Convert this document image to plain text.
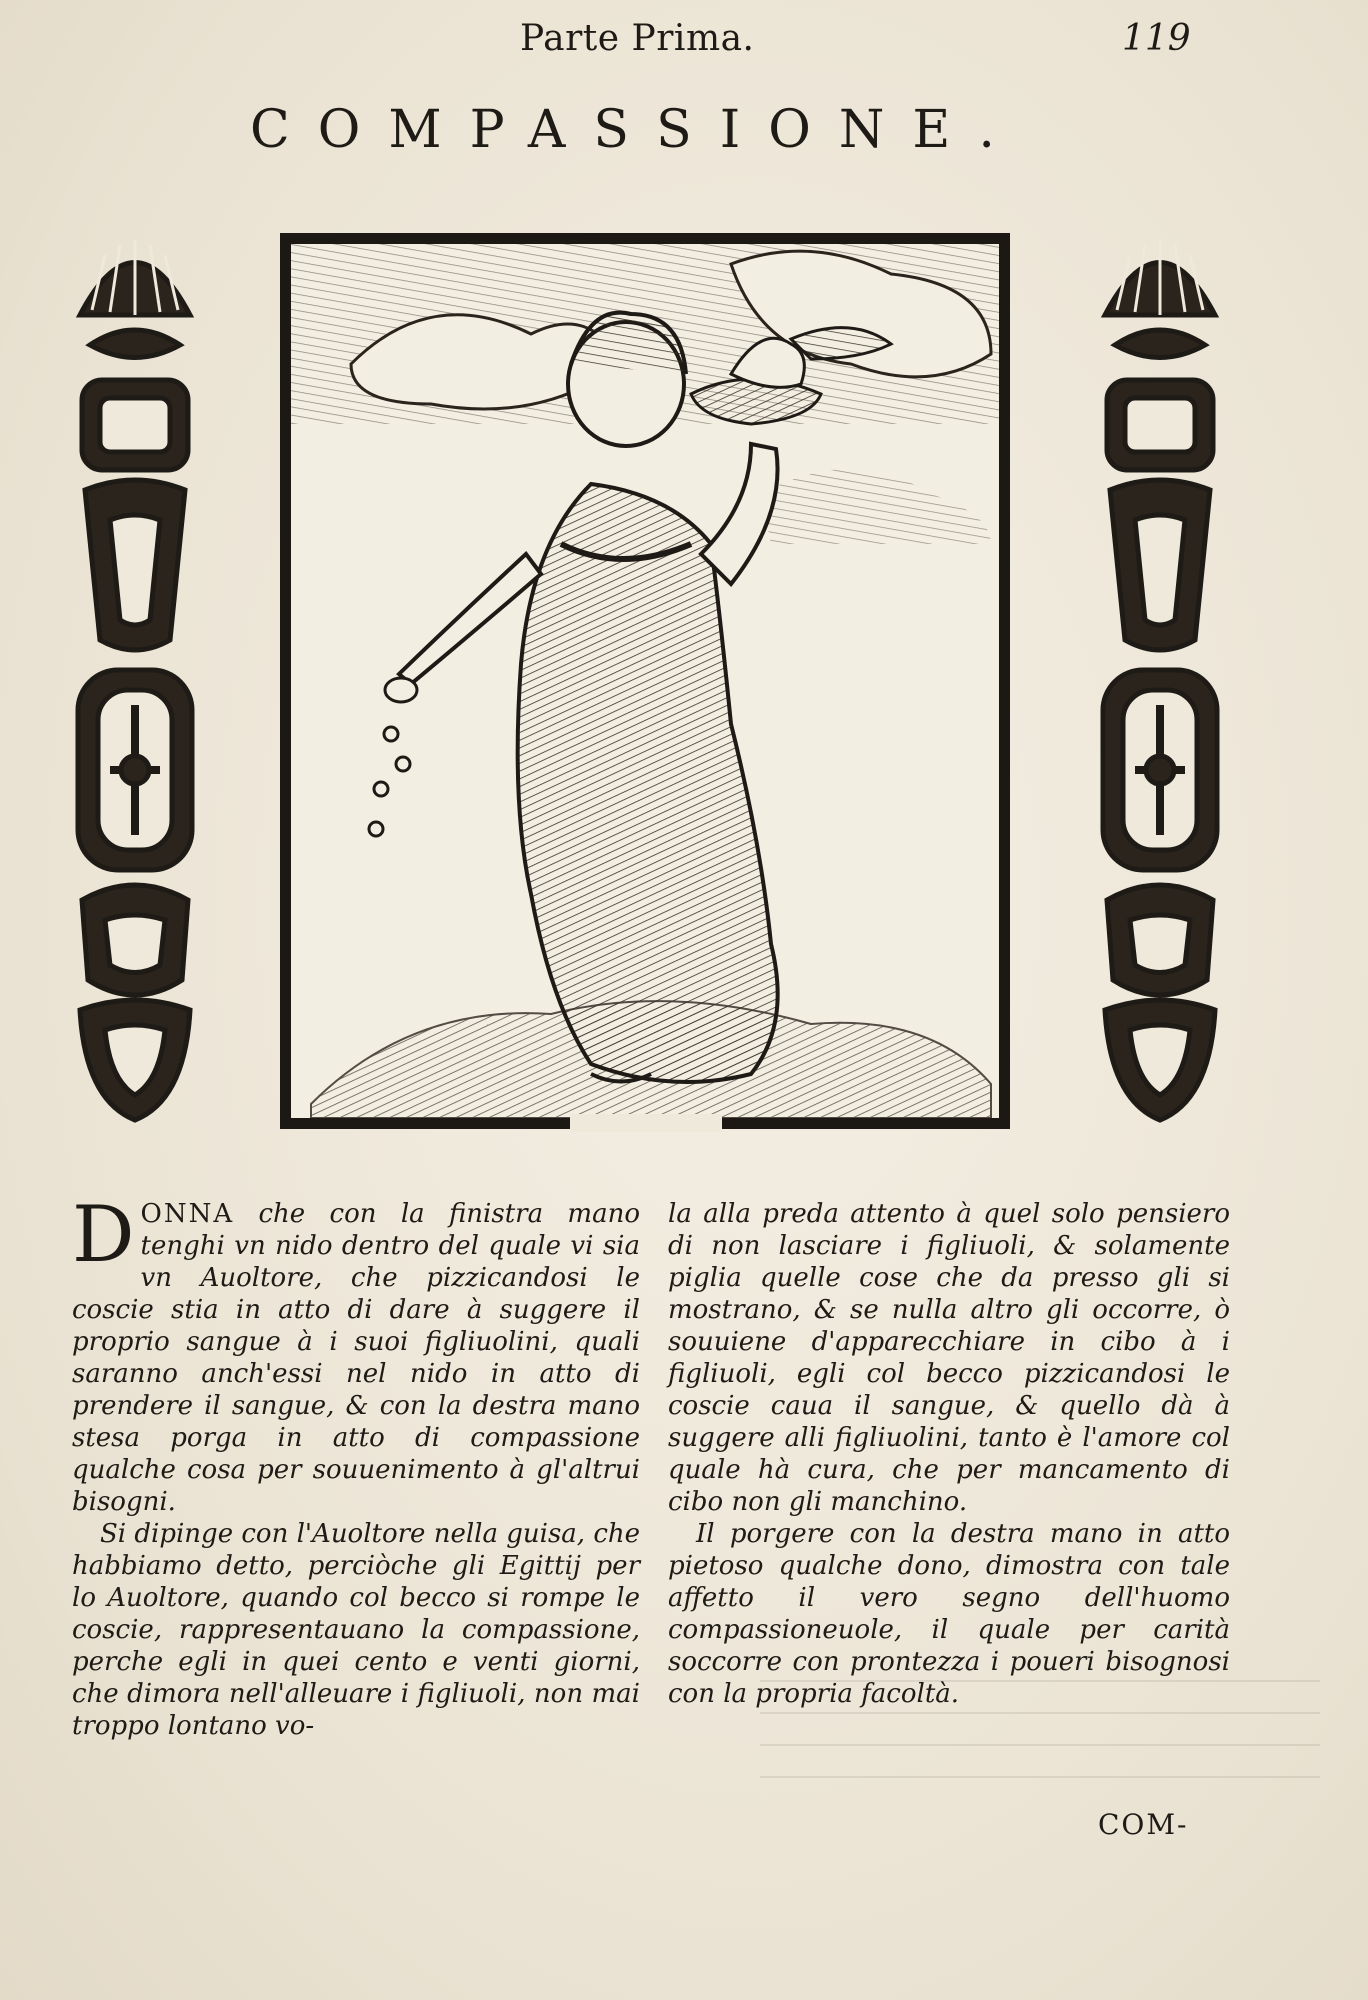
Parte Prima.	119
COMPASSIONE.

DONNA che con la finistra mano tenghi vn nido dentro del quale vi sia vn Auoltore, che pizzicandosi le coscie stia in atto di dare à suggere il proprio sangue à i suoi figliuolini, quali saranno anch'essi nel nido in atto di prendere il sangue, & con la destra mano stesa porga in atto di compassione qualche cosa per souuenimento à gl'altrui bisogni.

Si dipinge con l'Auoltore nella guisa, che habbiamo detto, perciòche gli Egittij per lo Auoltore, quando col becco si rompe le coscie, rappresentauano la compassione, perche egli in quei cento e venti giorni, che dimora nell'alleuare i figliuoli, non mai troppo lontano vo-

la alla preda attento à quel solo pensiero di non lasciare i figliuoli, & solamente piglia quelle cose che da presso gli si mostrano, & se nulla altro gli occorre, ò souuiene d'apparecchiare in cibo à i figliuoli, egli col becco pizzicandosi le coscie caua il sangue, & quello dà à suggere alli figliuolini, tanto è l'amore col quale hà cura, che per mancamento di cibo non gli manchino.

Il porgere con la destra mano in atto pietoso qualche dono, dimostra con tale affetto il vero segno dell'huomo compassioneuole, il quale per carità soccorre con prontezza i poueri bisognosi con la propria facoltà.

COM-
